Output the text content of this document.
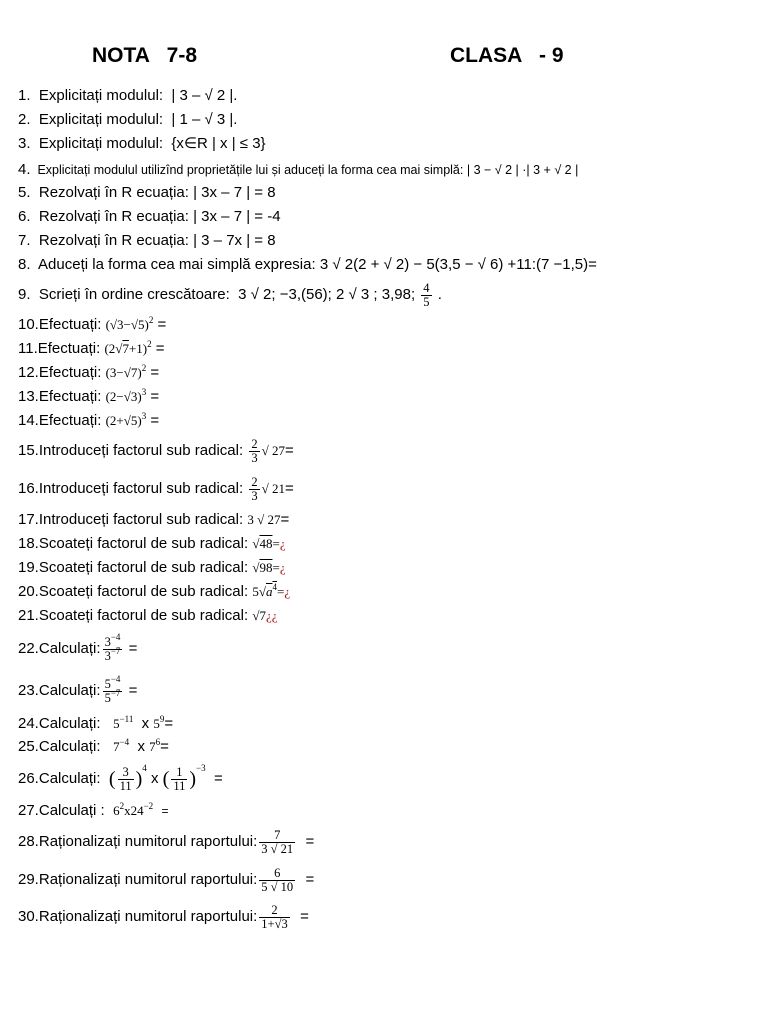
NOTA   7-8	CLASA   - 9
1. Explicitați modulul: | 3 – √ 2 |.
2. Explicitați modulul: | 1 – √ 3 |.
3. Explicitați modulul: {x∈R | x | ≤ 3}
4. Explicitați modulul utilizînd proprietățile lui și aduceți la forma cea mai simplă: | 3 − √ 2 | ·| 3 + √ 2 |
5. Rezolvați în R ecuația: | 3x – 7 | = 8
6. Rezolvați în R ecuația: | 3x – 7 | = -4
7. Rezolvați în R ecuația: | 3 – 7x | = 8
8. Aduceți la forma cea mai simplă expresia: 3 √ 2(2 + √ 2) − 5(3,5 − √ 6) +11:(7 −1,5)=
9. Scrieți în ordine crescătoare: 3 √ 2; −3,(56); 2 √ 3 ; 3,98; $\frac{4}{5}$ .
10.Efectuați: $(√3-√5)^2$ =
11.Efectuați: $(2√7+1)^2$ =
12.Efectuați: $(3-√7)^2$ =
13.Efectuați: $(2-√3)^3$ =
14.Efectuați: $(2+√5)^3$ =
15.Introduceți factorul sub radical: $\frac{2}{3}$ √ 27=
16.Introduceți factorul sub radical: $\frac{2}{3}$ √ 21=
17.Introduceți factorul sub radical: 3 √ 27=
18.Scoateți factorul de sub radical: √48=¿
19.Scoateți factorul de sub radical: √98=¿
20.Scoateți factorul de sub radical: $5√a^4=¿$
21.Scoateți factorul de sub radical: √7¿¿
22.Calculați: $\frac{3^{-4}}{3^{-7}}$ =
23.Calculați: $\frac{5^{-4}}{5^{-7}}$ =
24.Calculați: $5^{-11}$ x $5^9=$
25.Calculați: $7^{-4}$ x $7^6=$
26.Calculați: ( $\frac{3}{11} )^4$ x ( $\frac{1}{11} )^{-3}$  =
27.Calculați : $6^2x24^{-2}$ =
28.Raționalizați numitorul raportului: $\frac{7}{3 √ 21}$ =
29.Raționalizați numitorul raportului: $\frac{6}{5 √ 10}$ =
30.Raționalizați numitorul raportului: $\frac{2}{1+√3}$ =
